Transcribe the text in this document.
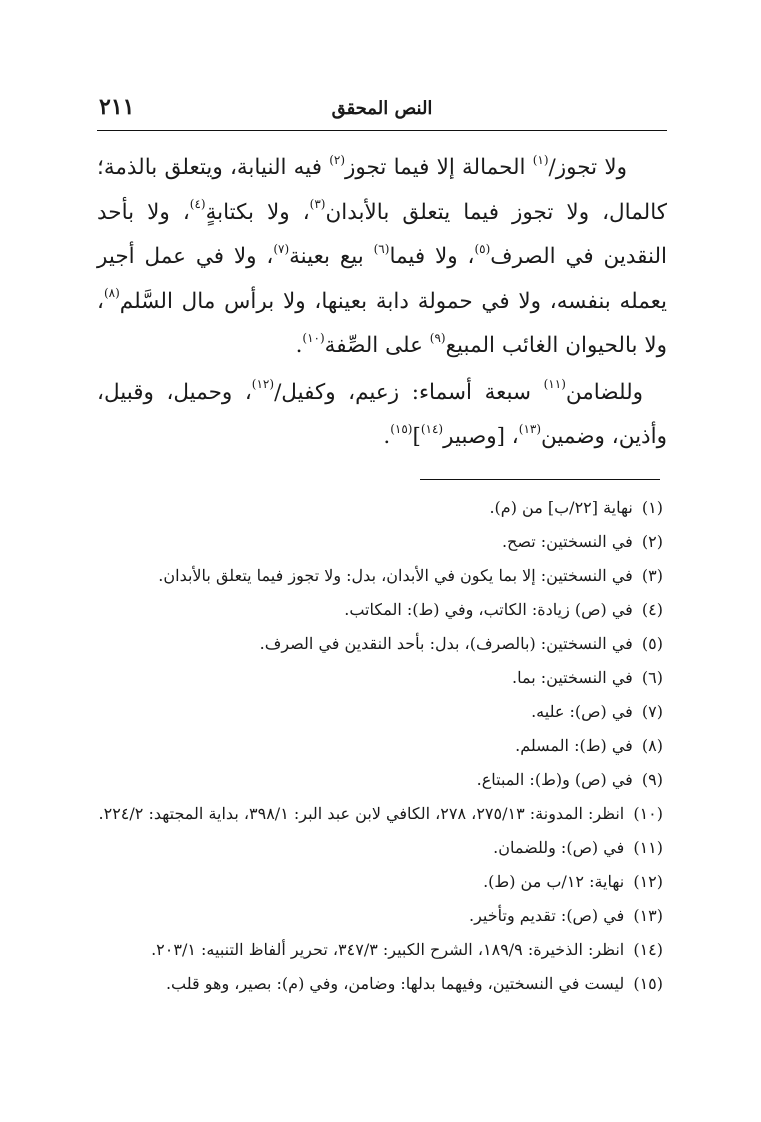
النص المحقق
٢١١

ولا تجوز/$^{(١)}$ الحمالة إلا فيما تجوز$^{(٢)}$ فيه النيابة، ويتعلق بالذمة؛ كالمال، ولا تجوز فيما يتعلق بالأبدان$^{(٣)}$، ولا بكتابةٍ$^{(٤)}$، ولا بأحد النقدين في الصرف$^{(٥)}$، ولا فيما$^{(٦)}$ بيع بعينة$^{(٧)}$، ولا في عمل أجير يعمله بنفسه، ولا في حمولة دابة بعينها، ولا برأس مال السَّلم$^{(٨)}$، ولا بالحيوان الغائب المبيع$^{(٩)}$ على الصِّفة$^{(١٠)}$.

وللضامن$^{(١١)}$ سبعة أسماء: زعيم، وكفيل/$^{(١٢)}$، وحميل، وقبيل، وأذين، وضمين$^{(١٣)}$، [وصبير$^{(١٤)}$]$^{(١٥)}$.

(١) نهاية [٢٢/ب] من (م).
(٢) في النسختين: تصح.
(٣) في النسختين: إلا بما يكون في الأبدان، بدل: ولا تجوز فيما يتعلق بالأبدان.
(٤) في (ص) زيادة: الكاتب، وفي (ط): المكاتب.
(٥) في النسختين: (بالصرف)، بدل: بأحد النقدين في الصرف.
(٦) في النسختين: بما.
(٧) في (ص): عليه.
(٨) في (ط): المسلم.
(٩) في (ص) و(ط): المبتاع.
(١٠) انظر: المدونة: ٢٧٥/١٣، ٢٧٨، الكافي لابن عبد البر: ٣٩٨/١، بداية المجتهد: ٢٢٤/٢.
(١١) في (ص): وللضمان.
(١٢) نهاية: ١٢/ب من (ط).
(١٣) في (ص): تقديم وتأخير.
(١٤) انظر: الذخيرة: ١٨٩/٩، الشرح الكبير: ٣٤٧/٣، تحرير ألفاظ التنبيه: ٢٠٣/١.
(١٥) ليست في النسختين، وفيهما بدلها: وضامن، وفي (م): بصير، وهو قلب.
